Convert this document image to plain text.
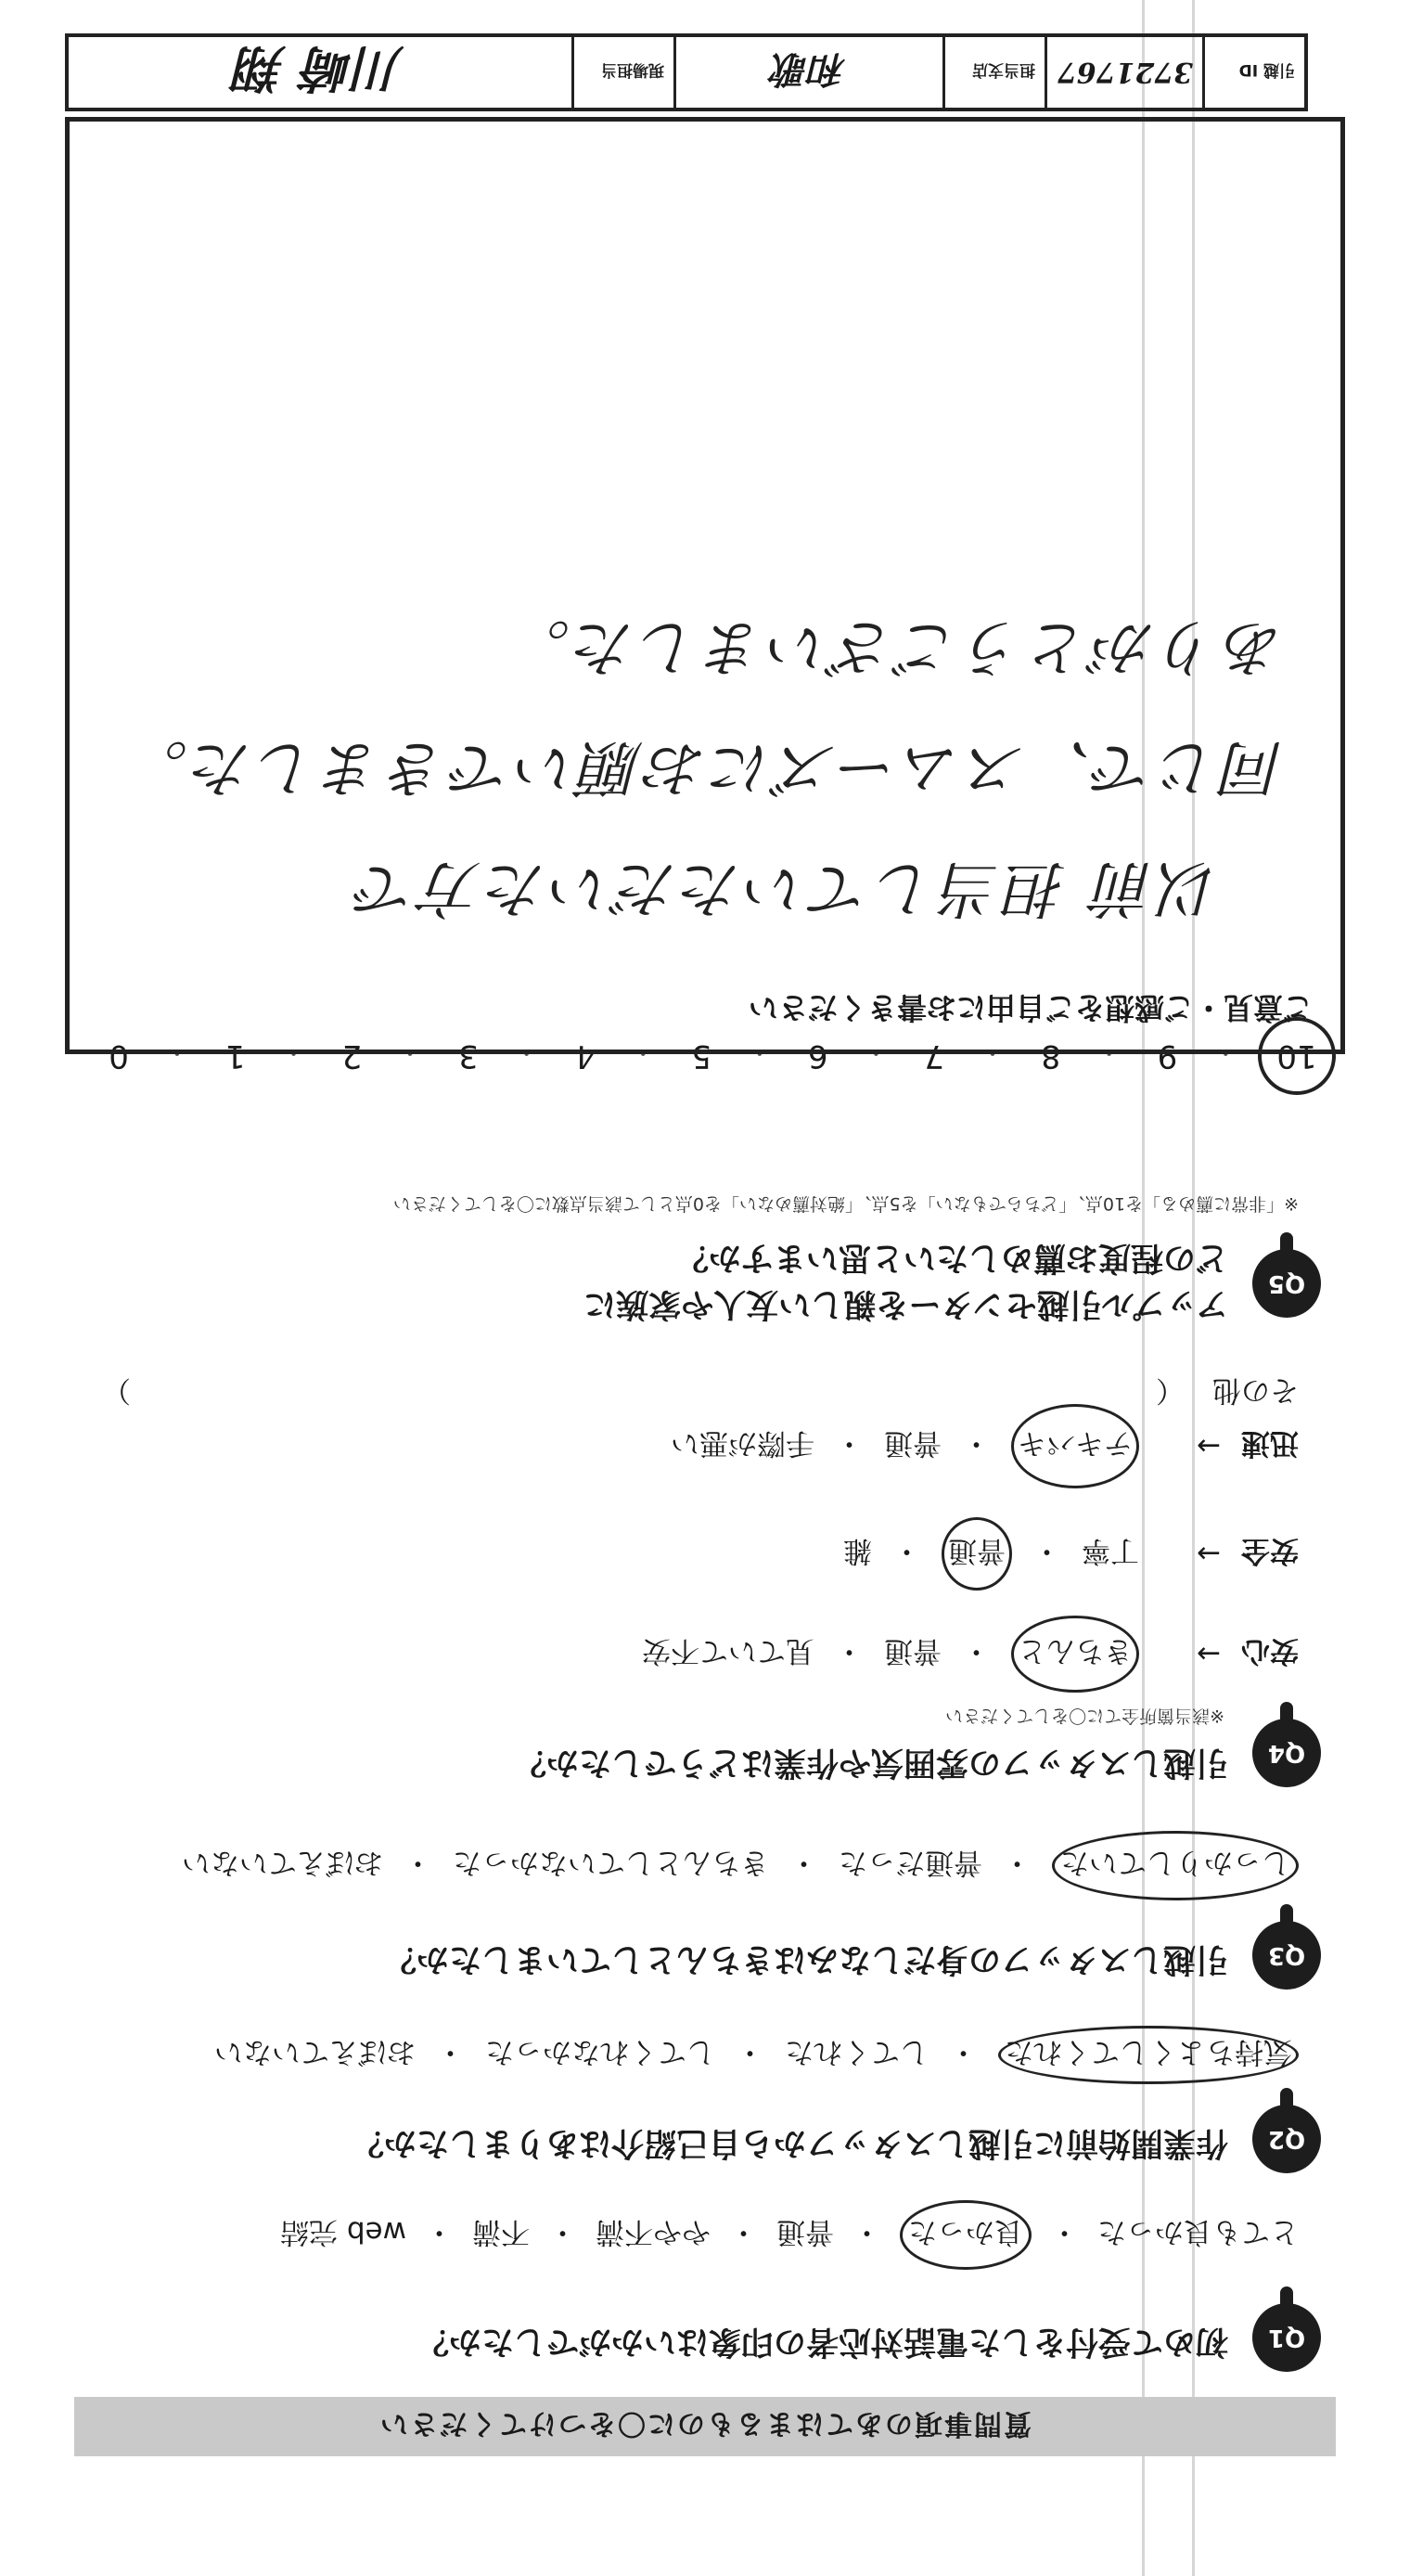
引越 ID
3721767
担当支店
和歌
現場担当
川崎 翔
質問事項のあてはまるものに〇をつけてください
Q1
初めて受付をした電話対応者の印象はいかがでしたか？
とても良かった
・
良かった
・
普通
・
やや不満
・
不満
・
web 完結
Q2
作業開始前に引越しスタッフから自己紹介はありましたか？
気持ちよくしてくれた
・
してくれた
・
してくれなかった
・
おぼえていない
Q3
引越しスタッフの身だしなみはきちんとしていましたか？
しっかりしていた
・
普通だった
・
きちんとしていなかった
・
おぼえていない
Q4
引越しスタッフの雰囲気や作業はどうでしたか？
※該当箇所全てに〇をしてください
安心
→
きちんと
・
普通
・
見ていて不安
安全
→
丁寧
・
普通
・
雑
迅速
→
テキパキ
・
普通
・
手際が悪い
その他
（
）
Q5
アップル引越センターを親しい友人や家族に
どの程度お薦めしたいと思いますか？
※「非常に薦める」を10点、「どちらでもない」を5点、「絶対薦めない」を0点として該当点数に〇をしてください
10
・
9
・
8
・
7
・
6
・
5
・
4
・
3
・
2
・
1
・
0
ご意見・ご感想をご自由にお書きください
以前 担当していただいた方で
同じで、スムーズにお願いできました。
ありがとうございました。
